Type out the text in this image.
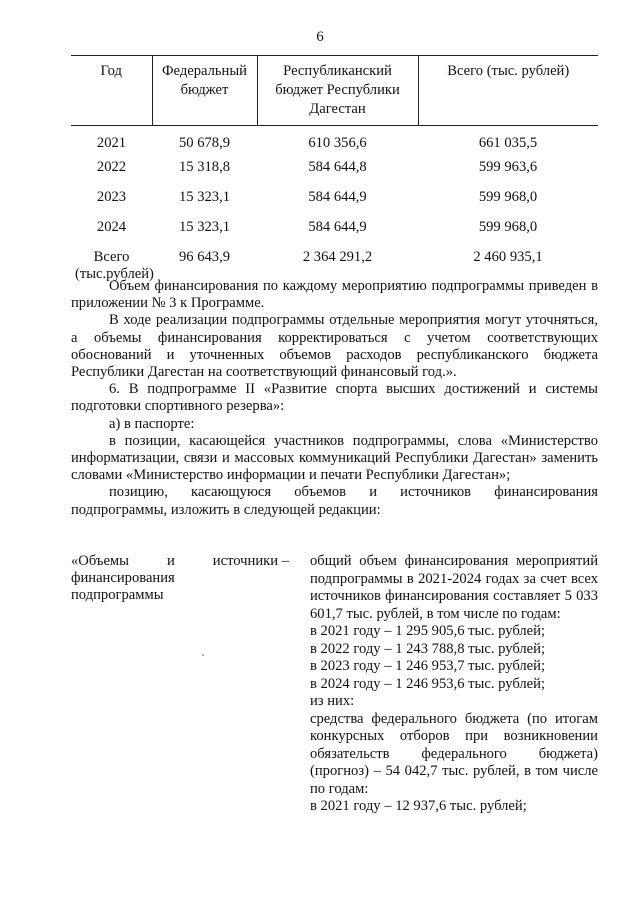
6
Год	Федеральный бюджет	Республиканский бюджет Республики Дагестан	Всего (тыс. рублей)
2021	50 678,9	610 356,6	661 035,5
2022	15 318,8	584 644,8	599 963,6
2023	15 323,1	584 644,9	599 968,0
2024	15 323,1	584 644,9	599 968,0
Всего (тыс.рублей)	96 643,9	2 364 291,2	2 460 935,1

Объем финансирования по каждому мероприятию подпрограммы приведен в приложении № 3 к Программе.

В ходе реализации подпрограммы отдельные мероприятия могут уточняться, а объемы финансирования корректироваться с учетом соответствующих обоснований и уточненных объемов расходов республиканского бюджета Республики Дагестан на соответствующий финансовый год.».

6. В подпрограмме II «Развитие спорта высших достижений и системы подготовки спортивного резерва»:

а) в паспорте:

в позиции, касающейся участников подпрограммы, слова «Министерство информатизации, связи и массовых коммуникаций Республики Дагестан» заменить словами «Министерство информации и печати Республики Дагестан»;

позицию, касающуюся объемов и источников финансирования подпрограммы, изложить в следующей редакции:

«Объемы	и	источники –
финансирования подпрограммы

общий объем финансирования мероприятий подпрограммы в 2021-2024 годах за счет всех источников финансирования составляет 5 033 601,7 тыс. рублей, в том числе по годам:

в 2021 году – 1 295 905,6 тыс. рублей;

в 2022 году – 1 243 788,8 тыс. рублей;

в 2023 году – 1 246 953,7 тыс. рублей;

в 2024 году – 1 246 953,6 тыс. рублей;

из них:

средства федерального бюджета (по итогам конкурсных отборов при возникновении обязательств федерального бюджета) (прогноз) – 54 042,7 тыс. рублей, в том числе по годам:

в 2021 году – 12 937,6 тыс. рублей;
